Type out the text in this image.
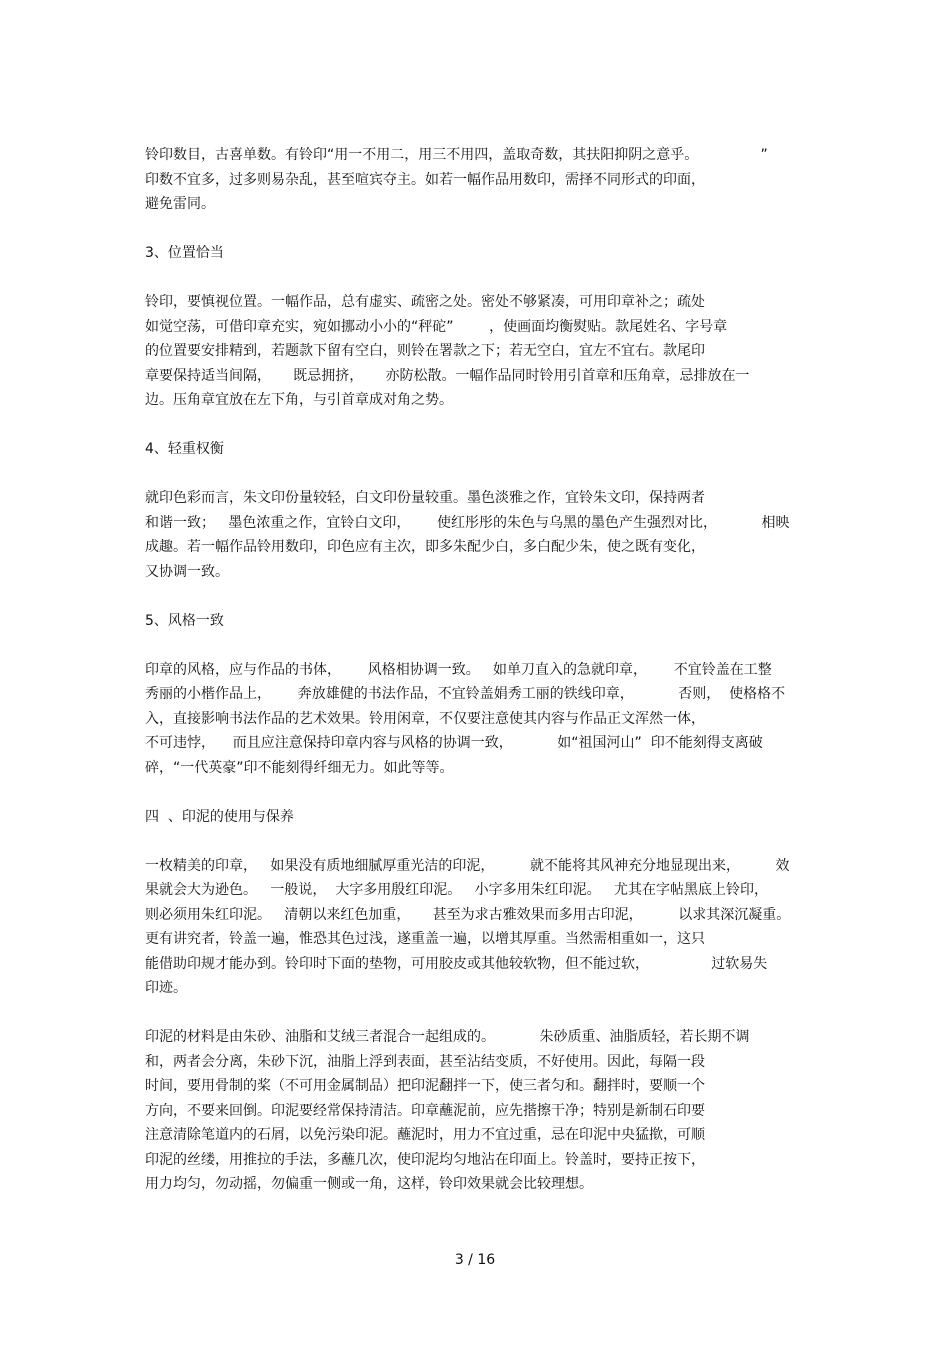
铃印数目，古喜单数。有铃印“用一不用二，用三不用四，盖取奇数，其扶阳抑阴之意乎。              ”
印数不宜多，过多则易杂乱，甚至喧宾夺主。如若一幅作品用数印，需择不同形式的印面，
避免雷同。
3、位置恰当
铃印，要慎视位置。一幅作品，总有虚实、疏密之处。密处不够紧凑，可用印章补之；疏处
如觉空荡，可借印章充实，宛如挪动小小的“秤砣”        ，使画面均衡熨贴。款尾姓名、字号章
的位置要安排精到，若题款下留有空白，则铃在署款之下；若无空白，宜左不宜右。款尾印
章要保持适当间隔，     既忌拥挤，     亦防松散。一幅作品同时铃用引首章和压角章，忌排放在一
边。压角章宜放在左下角，与引首章成对角之势。
4、轻重权衡
就印色彩而言，朱文印份量较轻，白文印份量较重。墨色淡雅之作，宜铃朱文印，保持两者
和谐一致；   墨色浓重之作，宜铃白文印，      使红彤彤的朱色与乌黑的墨色产生强烈对比，          相映
成趣。若一幅作品铃用数印，印色应有主次，即多朱配少白，多白配少朱，使之既有变化，
又协调一致。
5、风格一致
印章的风格，应与作品的书体，      风格相协调一致。   如单刀直入的急就印章，      不宜铃盖在工整
秀丽的小楷作品上，      奔放雄健的书法作品，不宜铃盖娟秀工丽的铁线印章，          否则，  使格格不
入，直接影响书法作品的艺术效果。铃用闲章，不仅要注意使其内容与作品正文浑然一体，
不可违悖，    而且应注意保持印章内容与风格的协调一致，          如“祖国河山”  印不能刻得支离破
碎，“一代英豪”印不能刻得纤细无力。如此等等。
四  、印泥的使用与保养
一枚精美的印章，   如果没有质地细腻厚重光洁的印泥，        就不能将其风神充分地显现出来，        效
果就会大为逊色。   一般说，  大字多用殷红印泥。   小字多用朱红印泥。   尤其在字帖黑底上铃印，
则必须用朱红印泥。   清朝以来红色加重，     甚至为求古雅效果而多用古印泥，        以求其深沉凝重。
更有讲究者，铃盖一遍，惟恐其色过浅，遂重盖一遍，以增其厚重。当然需相重如一，这只
能借助印规才能办到。铃印时下面的垫物，可用胶皮或其他较软物，但不能过软，              过软易失
印迹。
印泥的材料是由朱砂、油脂和艾绒三者混合一起组成的。          朱砂质重、油脂质轻，若长期不调
和，两者会分离，朱砂下沉，油脂上浮到表面，甚至沾结变质，不好使用。因此，每隔一段
时间，要用骨制的桨（不可用金属制品）把印泥翻拌一下，使三者匀和。翻拌时，要顺一个
方向，不要来回倒。印泥要经常保持清洁。印章蘸泥前，应先揩擦干净；特别是新制石印要
注意清除笔道内的石屑，以免污染印泥。蘸泥时，用力不宜过重，忌在印泥中央猛揿，可顺
印泥的丝缕，用推拉的手法，多蘸几次，使印泥均匀地沾在印面上。铃盖时，要持正按下，
用力均匀，勿动摇，勿偏重一侧或一角，这样，铃印效果就会比较理想。
3 / 16
